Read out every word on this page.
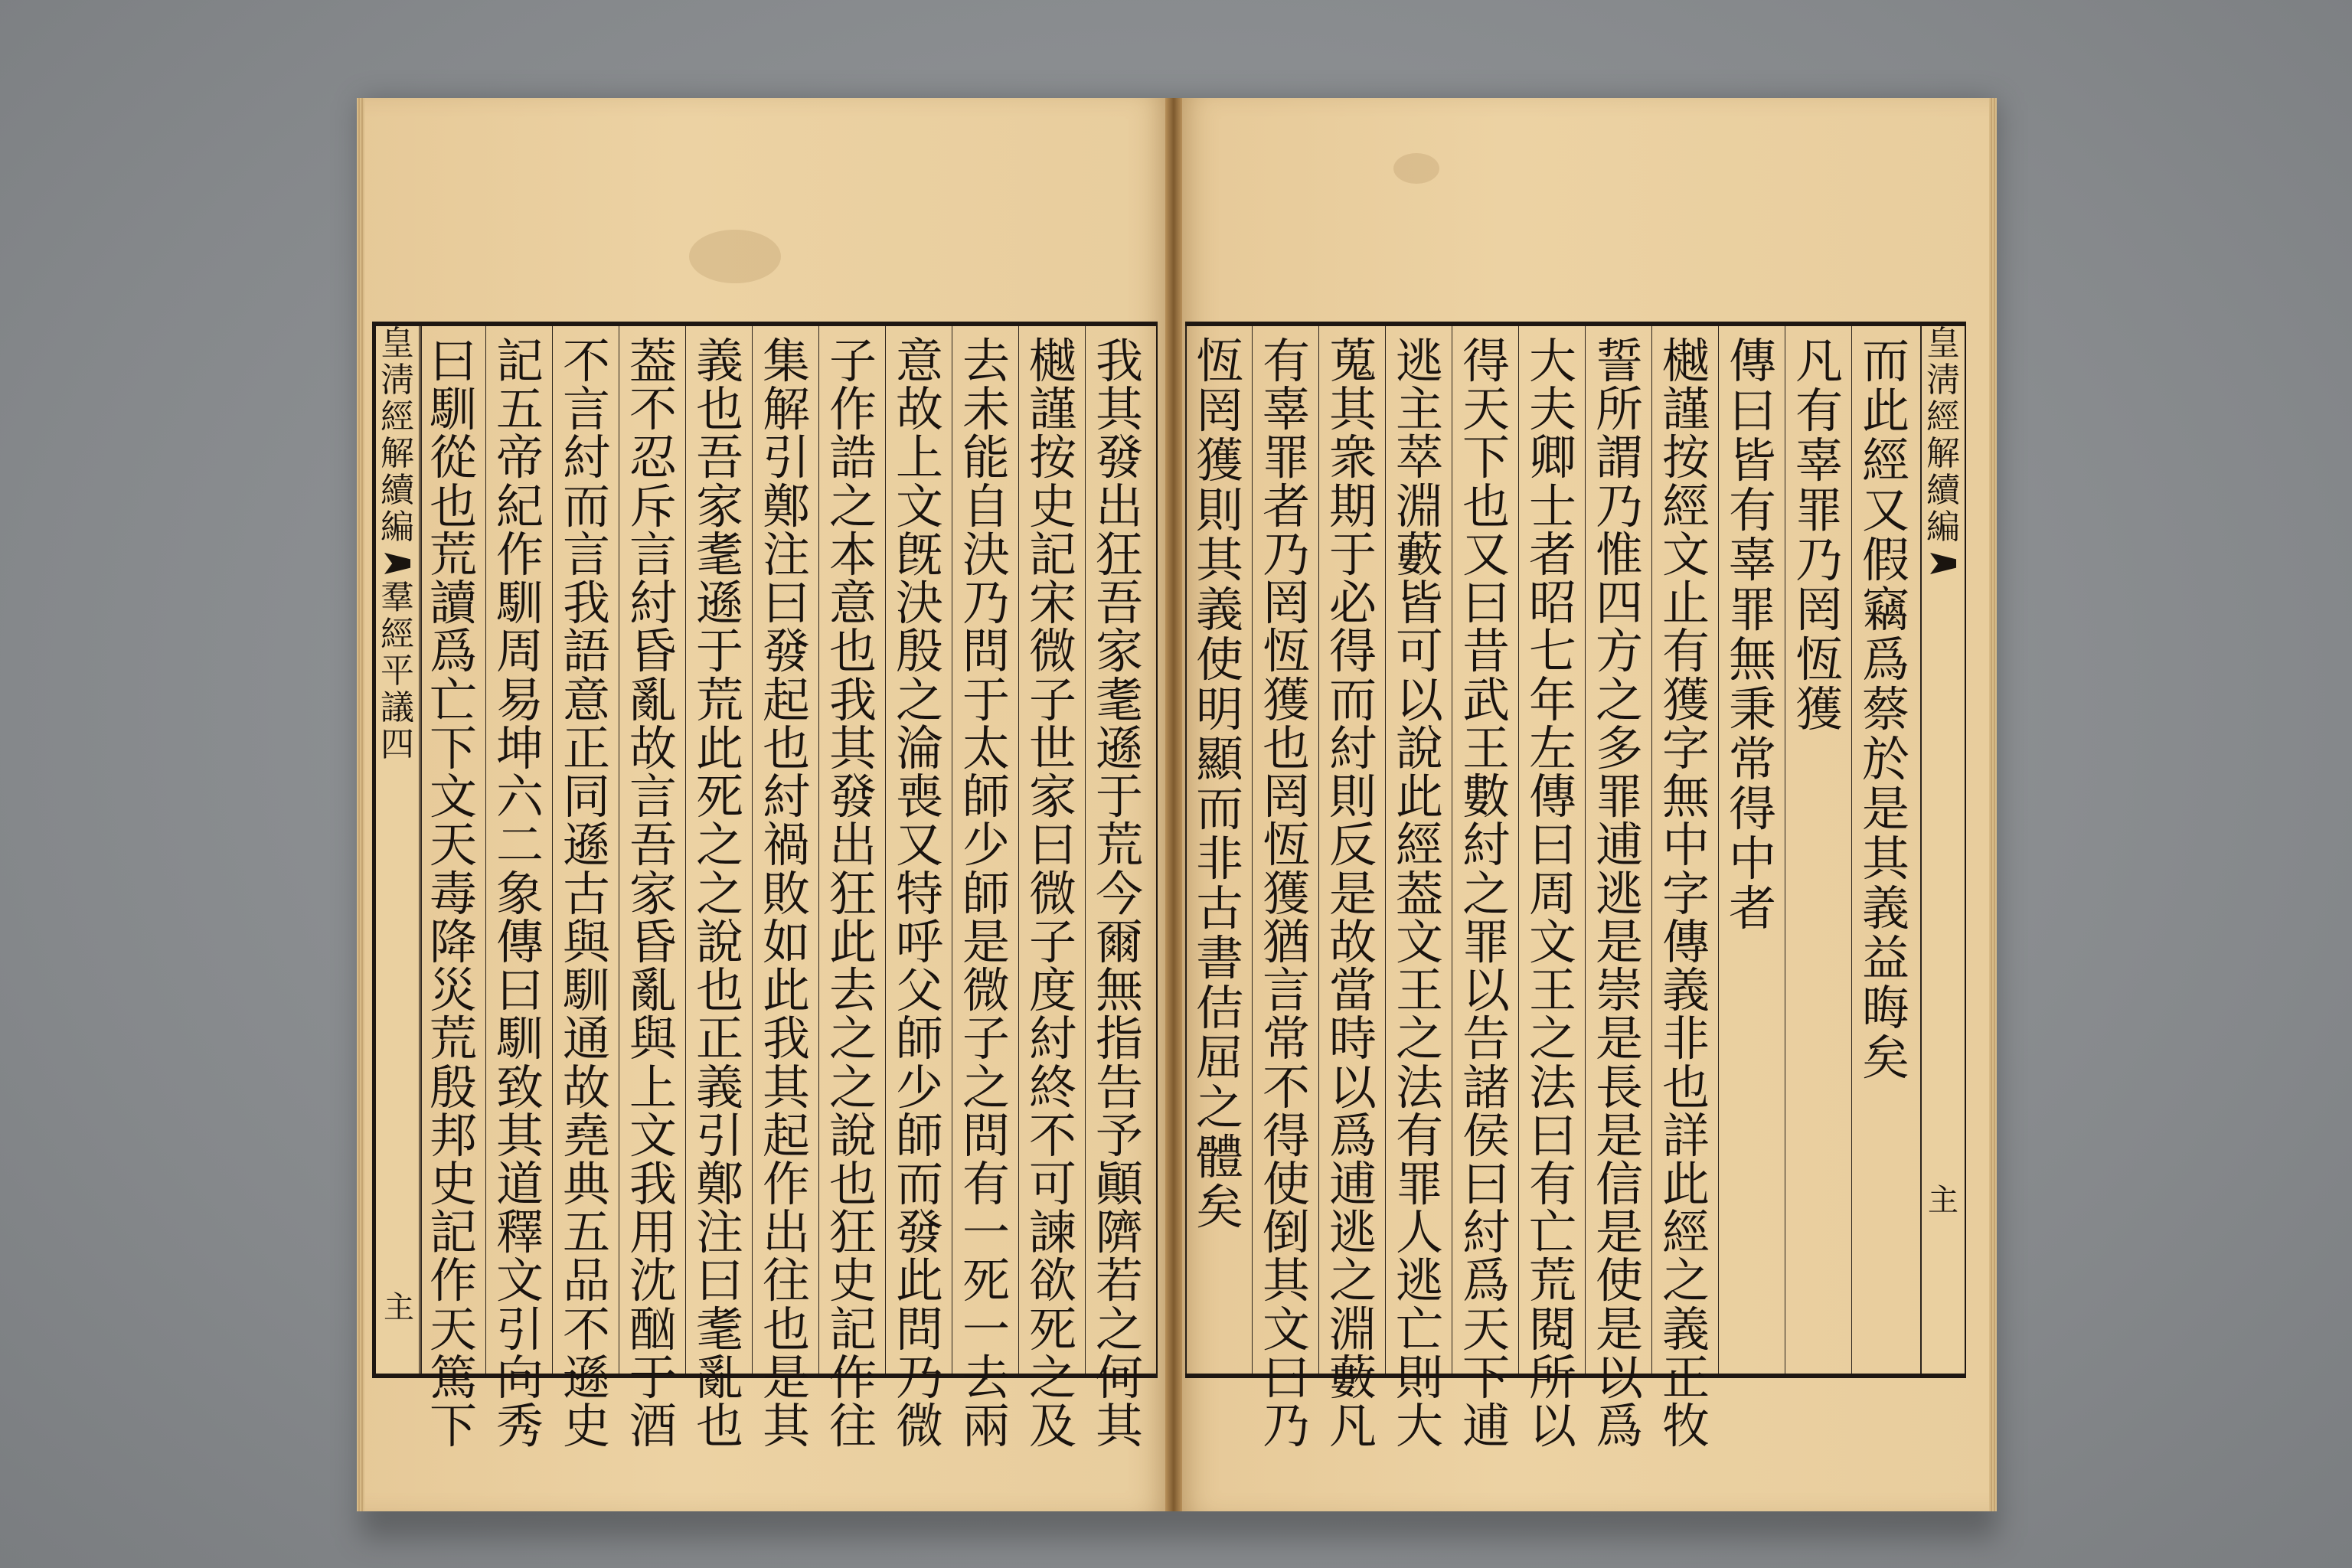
皇
淸
經
解
續
編
羣
經
平
議
四
我
其
發
出
狂
吾
家
耄
遜
于
荒
今
爾
無
指
告
予
顚
隮
若
之
何
其
樾
謹
按
史
記
宋
微
子
世
家
曰
微
子
度
紂
終
不
可
諫
欲
死
之
及
去
未
能
自
決
乃
問
于
太
師
少
師
是
微
子
之
問
有
一
死
一
去
兩
意
故
上
文
旣
決
殷
之
淪
喪
又
特
呼
父
師
少
師
而
發
此
問
乃
微
子
作
誥
之
本
意
也
我
其
發
出
狂
此
去
之
之
說
也
狂
史
記
作
往
集
解
引
鄭
注
曰
發
起
也
紂
禍
敗
如
此
我
其
起
作
出
往
也
是
其
義
也
吾
家
耄
遜
于
荒
此
死
之
之
說
也
正
義
引
鄭
注
曰
耄
亂
也
葢
不
忍
斥
言
紂
昏
亂
故
言
吾
家
昏
亂
與
上
文
我
用
沈
酗
于
酒
不
言
紂
而
言
我
語
意
正
同
遜
古
與
馴
通
故
堯
典
五
品
不
遜
史
記
五
帝
紀
作
馴
周
易
坤
六
二
象
傳
曰
馴
致
其
道
釋
文
引
向
秀
曰
馴
從
也
荒
讀
爲
亡
下
文
天
毒
降
災
荒
殷
邦
史
記
作
天
篤
下
主
而
此
經
又
假
竊
爲
蔡
於
是
其
義
益
晦
矣
凡
有
辜
罪
乃
罔
恆
獲
傳
曰
皆
有
辜
罪
無
秉
常
得
中
者
樾
謹
按
經
文
止
有
獲
字
無
中
字
傳
義
非
也
詳
此
經
之
義
正
牧
誓
所
謂
乃
惟
四
方
之
多
罪
逋
逃
是
崇
是
長
是
信
是
使
是
以
爲
大
夫
卿
士
者
昭
七
年
左
傳
曰
周
文
王
之
法
曰
有
亡
荒
閱
所
以
得
天
下
也
又
曰
昔
武
王
數
紂
之
罪
以
告
諸
侯
曰
紂
爲
天
下
逋
逃
主
萃
淵
藪
皆
可
以
說
此
經
葢
文
王
之
法
有
罪
人
逃
亡
則
大
蒐
其
衆
期
于
必
得
而
紂
則
反
是
故
當
時
以
爲
逋
逃
之
淵
藪
凡
有
辜
罪
者
乃
罔
恆
獲
也
罔
恆
獲
猶
言
常
不
得
使
倒
其
文
曰
乃
恆
罔
獲
則
其
義
使
明
顯
而
非
古
書
佶
屈
之
體
矣
皇
淸
經
解
續
編
主
